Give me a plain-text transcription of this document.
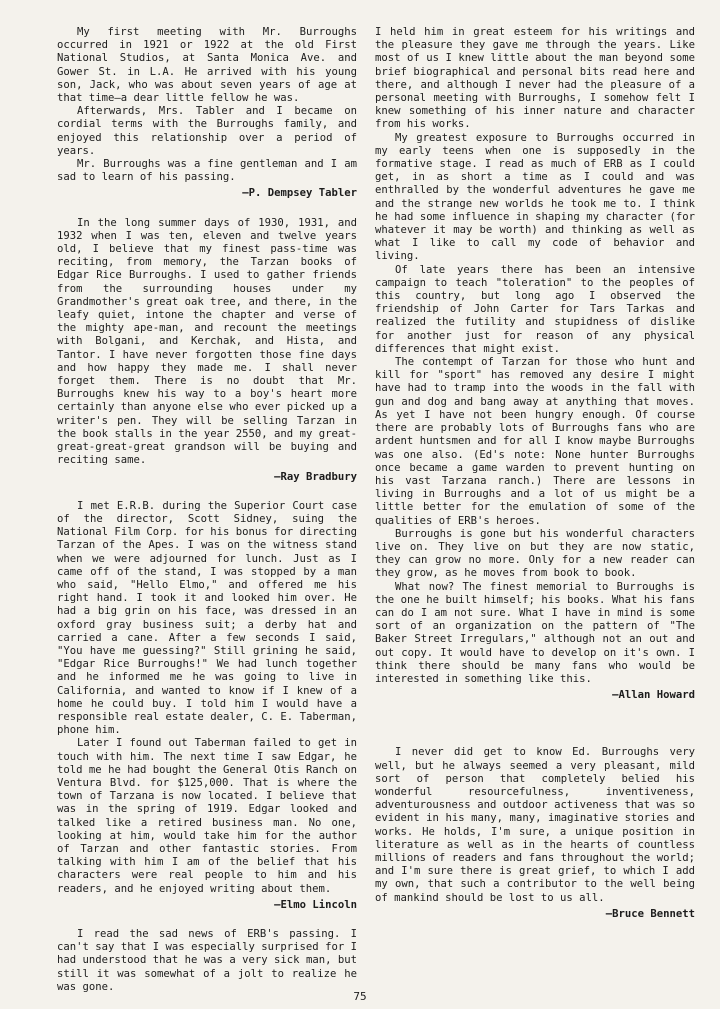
My first meeting with Mr. Burroughs occurred in 1921 or 1922 at the old First National Studios, at Santa Monica Ave. and Gower St. in L.A. He arrived with his young son, Jack, who was about seven years of age at that time—a dear little fellow he was.

Afterwards, Mrs. Tabler and I became on cordial terms with the Burroughs family, and enjoyed this relationship over a period of years.

Mr. Burroughs was a fine gentleman and I am sad to learn of his passing.

—P. Dempsey Tabler

In the long summer days of 1930, 1931, and 1932 when I was ten, eleven and twelve years old, I believe that my finest pass-time was reciting, from memory, the Tarzan books of Edgar Rice Burroughs. I used to gather friends from the surrounding houses under my Grandmother's great oak tree, and there, in the leafy quiet, intone the chapter and verse of the mighty ape-man, and recount the meetings with Bolgani, and Kerchak, and Hista, and Tantor. I have never forgotten those fine days and how happy they made me. I shall never forget them. There is no doubt that Mr. Burroughs knew his way to a boy's heart more certainly than anyone else who ever picked up a writer's pen. They will be selling Tarzan in the book stalls in the year 2550, and my great-great-great-great grandson will be buying and reciting same.

—Ray Bradbury

I met E.R.B. during the Superior Court case of the director, Scott Sidney, suing the National Film Corp. for his bonus for directing Tarzan of the Apes. I was on the witness stand when we were adjourned for lunch. Just as I came off of the stand, I was stopped by a man who said, "Hello Elmo," and offered me his right hand. I took it and looked him over. He had a big grin on his face, was dressed in an oxford gray business suit; a derby hat and carried a cane. After a few seconds I said, "You have me guessing?" Still grining he said, "Edgar Rice Burroughs!" We had lunch together and he informed me he was going to live in California, and wanted to know if I knew of a home he could buy. I told him I would have a responsible real estate dealer, C. E. Taberman, phone him.

Later I found out Taberman failed to get in touch with him. The next time I saw Edgar, he told me he had bought the General Otis Ranch on Ventura Blvd. for $125,000. That is where the town of Tarzana is now located. I believe that was in the spring of 1919. Edgar looked and talked like a retired business man. No one, looking at him, would take him for the author of Tarzan and other fantastic stories. From talking with him I am of the belief that his characters were real people to him and his readers, and he enjoyed writing about them.

—Elmo Lincoln

I read the sad news of ERB's passing. I can't say that I was especially surprised for I had understood that he was a very sick man, but still it was somewhat of a jolt to realize he was gone.

I held him in great esteem for his writings and the pleasure they gave me through the years. Like most of us I knew little about the man beyond some brief biographical and personal bits read here and there, and although I never had the pleasure of a personal meeting with Burroughs, I somehow felt I knew something of his inner nature and character from his works.

My greatest exposure to Burroughs occurred in my early teens when one is supposedly in the formative stage. I read as much of ERB as I could get, in as short a time as I could and was enthralled by the wonderful adventures he gave me and the strange new worlds he took me to. I think he had some influence in shaping my character (for whatever it may be worth) and thinking as well as what I like to call my code of behavior and living.

Of late years there has been an intensive campaign to teach "toleration" to the peoples of this country, but long ago I observed the friendship of John Carter for Tars Tarkas and realized the futility and stupidness of dislike for another just for reason of any physical differences that might exist.

The contempt of Tarzan for those who hunt and kill for "sport" has removed any desire I might have had to tramp into the woods in the fall with gun and dog and bang away at anything that moves. As yet I have not been hungry enough. Of course there are probably lots of Burroughs fans who are ardent huntsmen and for all I know maybe Burroughs was one also. (Ed's note: None hunter Burroughs once became a game warden to prevent hunting on his vast Tarzana ranch.) There are lessons in living in Burroughs and a lot of us might be a little better for the emulation of some of the qualities of ERB's heroes.

Burroughs is gone but his wonderful characters live on. They live on but they are now static, they can grow no more. Only for a new reader can they grow, as he moves from book to book.

What now? The finest memorial to Burroughs is the one he built himself; his books. What his fans can do I am not sure. What I have in mind is some sort of an organization on the pattern of "The Baker Street Irregulars," although not an out and out copy. It would have to develop on it's own. I think there should be many fans who would be interested in something like this.

—Allan Howard

I never did get to know Ed. Burroughs very well, but he always seemed a very pleasant, mild sort of person that completely belied his wonderful resourcefulness, inventiveness, adventurousness and outdoor activeness that was so evident in his many, many, imaginative stories and works. He holds, I'm sure, a unique position in literature as well as in the hearts of countless millions of readers and fans throughout the world; and I'm sure there is great grief, to which I add my own, that such a contributor to the well being of mankind should be lost to us all.

—Bruce Bennett

75
